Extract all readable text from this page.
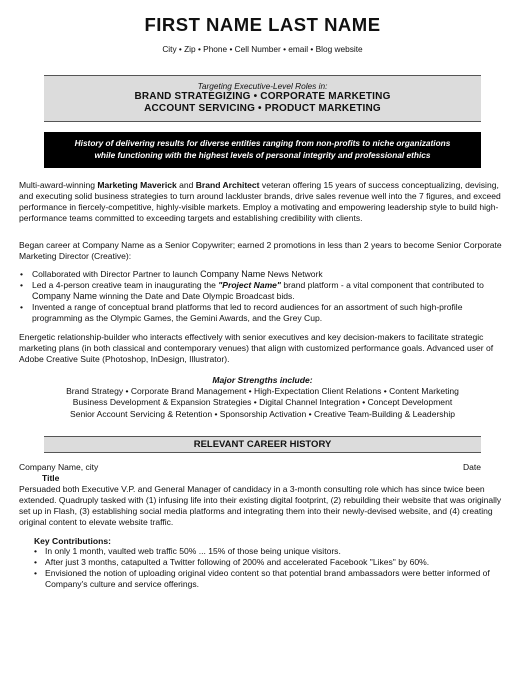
FIRST NAME LAST NAME
City • Zip • Phone • Cell Number • email • Blog website
Targeting Executive-Level Roles in:
BRAND STRATEGIZING • CORPORATE MARKETING
ACCOUNT SERVICING • PRODUCT MARKETING
History of delivering results for diverse entities ranging from non-profits to niche organizations
while functioning with the highest levels of personal integrity and professional ethics
Multi-award-winning Marketing Maverick and Brand Architect veteran offering 15 years of success conceptualizing, devising, and executing solid business strategies to turn around lackluster brands, drive sales revenue well into the 7 figures, and exceed performance in fiercely-competitive, highly-visible markets. Employ a motivating and empowering leadership style to build high-performance teams committed to exceeding targets and establishing credibility with clients.
Began career at Company Name as a Senior Copywriter; earned 2 promotions in less than 2 years to become Senior Corporate Marketing Director (Creative):
• Collaborated with Director Partner to launch Company Name News Network
• Led a 4-person creative team in inaugurating the "Project Name" brand platform - a vital component that contributed to Company Name winning the Date and Date Olympic Broadcast bids.
• Invented a range of conceptual brand platforms that led to record audiences for an assortment of such high-profile programming as the Olympic Games, the Gemini Awards, and the Grey Cup.
Energetic relationship-builder who interacts effectively with senior executives and key decision-makers to facilitate strategic marketing plans (in both classical and contemporary venues) that align with customized performance goals. Advanced user of Adobe Creative Suite (Photoshop, InDesign, Illustrator).
Major Strengths include:
Brand Strategy • Corporate Brand Management • High-Expectation Client Relations • Content Marketing
Business Development & Expansion Strategies • Digital Channel Integration • Concept Development
Senior Account Servicing & Retention • Sponsorship Activation • Creative Team-Building & Leadership
RELEVANT CAREER HISTORY
Company Name, city	Date
Title
Persuaded both Executive V.P. and General Manager of candidacy in a 3-month consulting role which has since twice been extended. Quadruply tasked with (1) infusing life into their existing digital footprint, (2) rebuilding their website that was originally set up in Flash, (3) establishing social media platforms and integrating them into their newly-devised website, and (4) creating original content to elevate website traffic.
Key Contributions:
• In only 1 month, vaulted web traffic 50% ... 15% of those being unique visitors.
• After just 3 months, catapulted a Twitter following of 200% and accelerated Facebook "Likes" by 60%.
• Envisioned the notion of uploading original video content so that potential brand ambassadors were better informed of Company's culture and service offerings.
